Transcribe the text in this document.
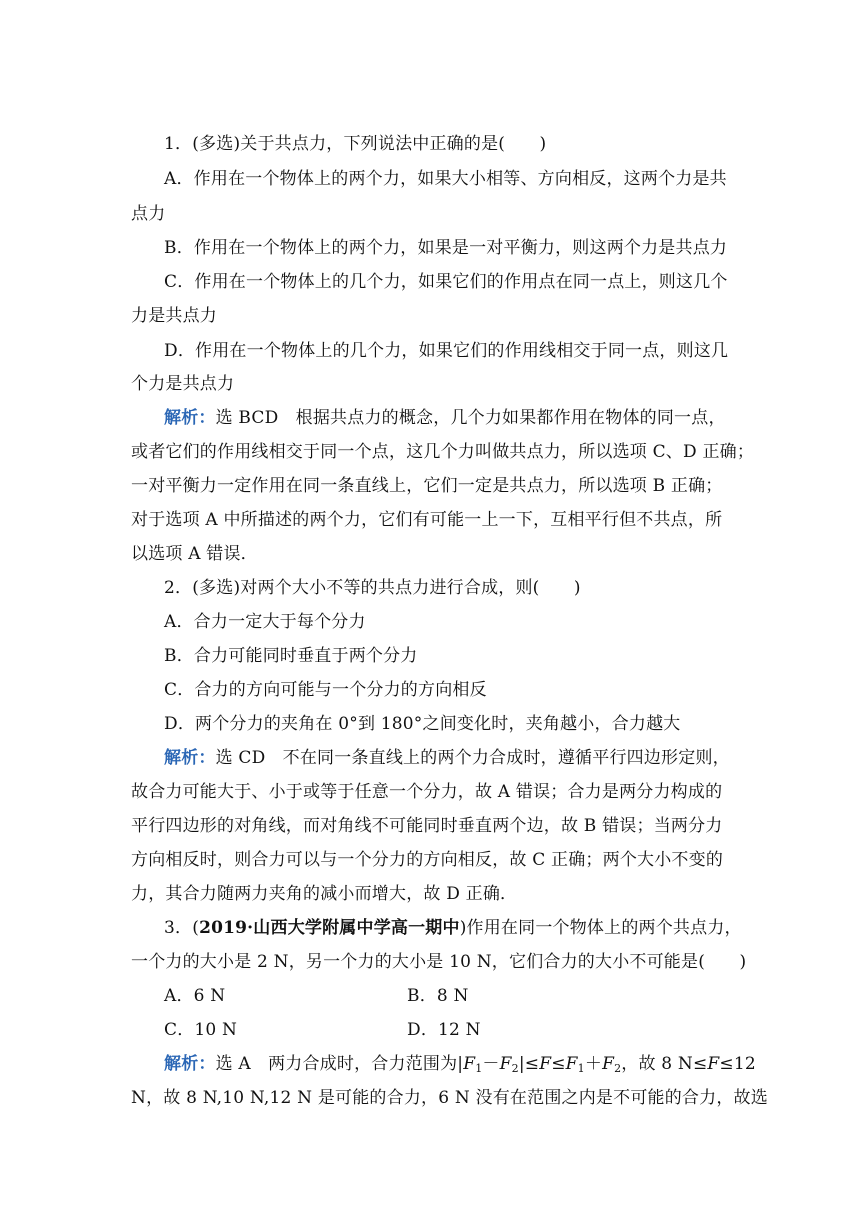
1．(多选)关于共点力，下列说法中正确的是(　　)
A．作用在一个物体上的两个力，如果大小相等、方向相反，这两个力是共
点力
B．作用在一个物体上的两个力，如果是一对平衡力，则这两个力是共点力
C．作用在一个物体上的几个力，如果它们的作用点在同一点上，则这几个
力是共点力
D．作用在一个物体上的几个力，如果它们的作用线相交于同一点，则这几
个力是共点力
解析：选 BCD　根据共点力的概念，几个力如果都作用在物体的同一点，
或者它们的作用线相交于同一个点，这几个力叫做共点力，所以选项 C、D 正确；
一对平衡力一定作用在同一条直线上，它们一定是共点力，所以选项 B 正确；
对于选项 A 中所描述的两个力，它们有可能一上一下，互相平行但不共点，所
以选项 A 错误．
2．(多选)对两个大小不等的共点力进行合成，则(　　)
A．合力一定大于每个分力
B．合力可能同时垂直于两个分力
C．合力的方向可能与一个分力的方向相反
D．两个分力的夹角在 0°到 180°之间变化时，夹角越小，合力越大
解析：选 CD　不在同一条直线上的两个力合成时，遵循平行四边形定则，
故合力可能大于、小于或等于任意一个分力，故 A 错误；合力是两分力构成的
平行四边形的对角线，而对角线不可能同时垂直两个边，故 B 错误；当两分力
方向相反时，则合力可以与一个分力的方向相反，故 C 正确；两个大小不变的
力，其合力随两力夹角的减小而增大，故 D 正确．
3．(2019·山西大学附属中学高一期中)作用在同一个物体上的两个共点力，
一个力的大小是 2 N，另一个力的大小是 10 N，它们合力的大小不可能是(　　)
A．6 N	B．8 N
C．10 N	D．12 N
解析：选 A　两力合成时，合力范围为$|F_1-F_2|\le F\le F_1+F_2$，故 8 N≤F≤12
N，故 8 N,10 N,12 N 是可能的合力，6 N 没有在范围之内是不可能的合力，故选
